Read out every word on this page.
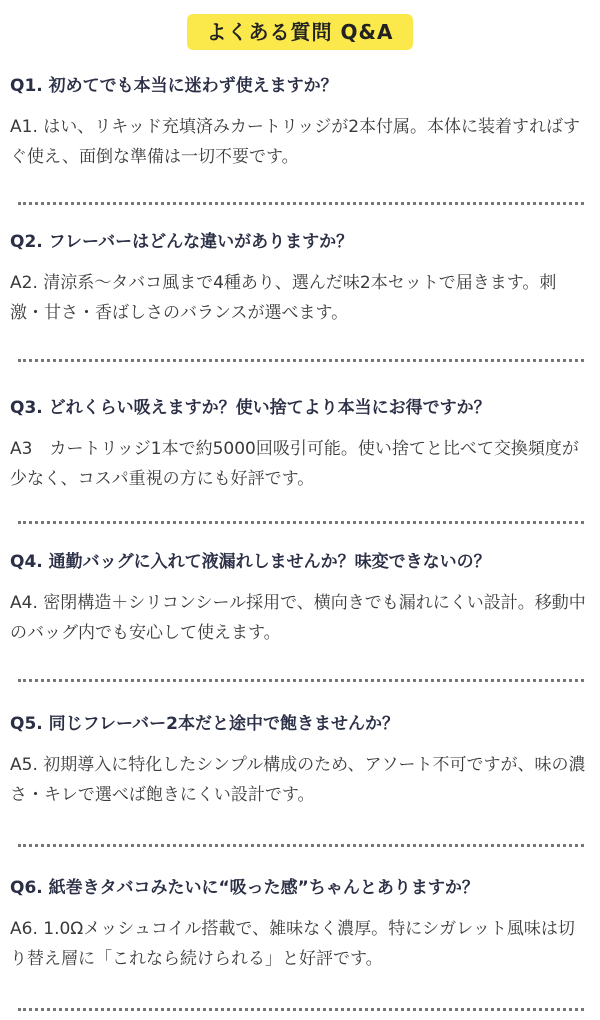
よくある質問 Q&A
Q1. 初めてでも本当に迷わず使えますか？
A1. はい、リキッド充填済みカートリッジが2本付属。本体に装着すればすぐ使え、面倒な準備は一切不要です。
Q2. フレーバーはどんな違いがありますか？
A2. 清涼系〜タバコ風まで4種あり、選んだ味2本セットで届きます。刺激・甘さ・香ばしさのバランスが選べます。
Q3. どれくらい吸えますか？使い捨てより本当にお得ですか？
A3　カートリッジ1本で約5000回吸引可能。使い捨てと比べて交換頻度が少なく、コスパ重視の方にも好評です。
Q4. 通勤バッグに入れて液漏れしませんか？味変できないの？
A4. 密閉構造＋シリコンシール採用で、横向きでも漏れにくい設計。移動中のバッグ内でも安心して使えます。
Q5. 同じフレーバー2本だと途中で飽きませんか？
A5. 初期導入に特化したシンプル構成のため、アソート不可ですが、味の濃さ・キレで選べば飽きにくい設計です。
Q6. 紙巻きタバコみたいに“吸った感”ちゃんとありますか？
A6. 1.0Ωメッシュコイル搭載で、雑味なく濃厚。特にシガレット風味は切り替え層に「これなら続けられる」と好評です。
